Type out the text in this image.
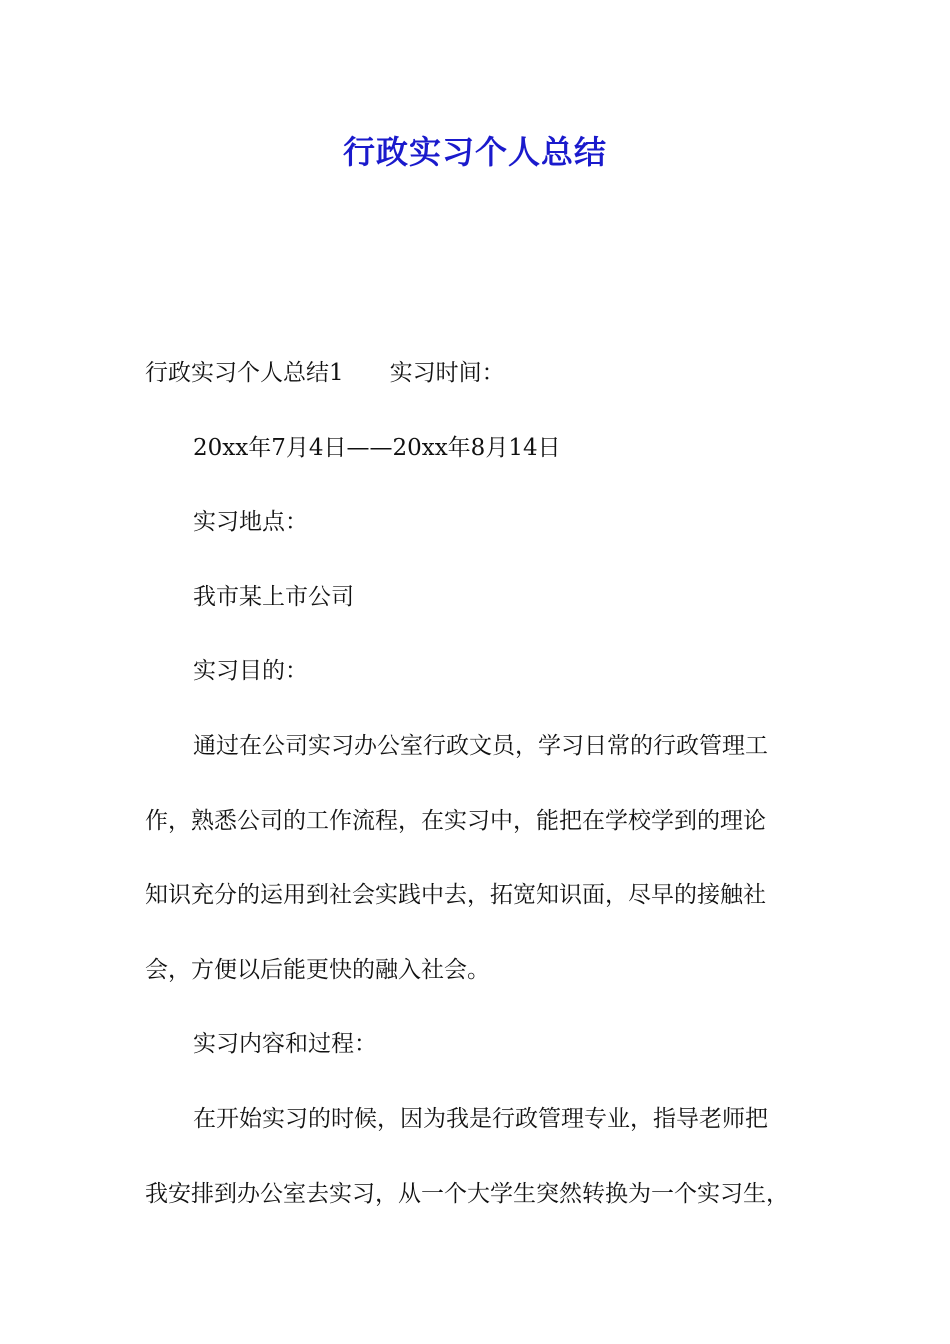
行政实习个人总结
行政实习个人总结1 实习时间：
20xx年7月4日——20xx年8月14日
实习地点：
我市某上市公司
实习目的：
通过在公司实习办公室行政文员，学习日常的行政管理工
作，熟悉公司的工作流程，在实习中，能把在学校学到的理论
知识充分的运用到社会实践中去，拓宽知识面，尽早的接触社
会，方便以后能更快的融入社会。
实习内容和过程：
在开始实习的时候，因为我是行政管理专业，指导老师把
我安排到办公室去实习，从一个大学生突然转换为一个实习生，
